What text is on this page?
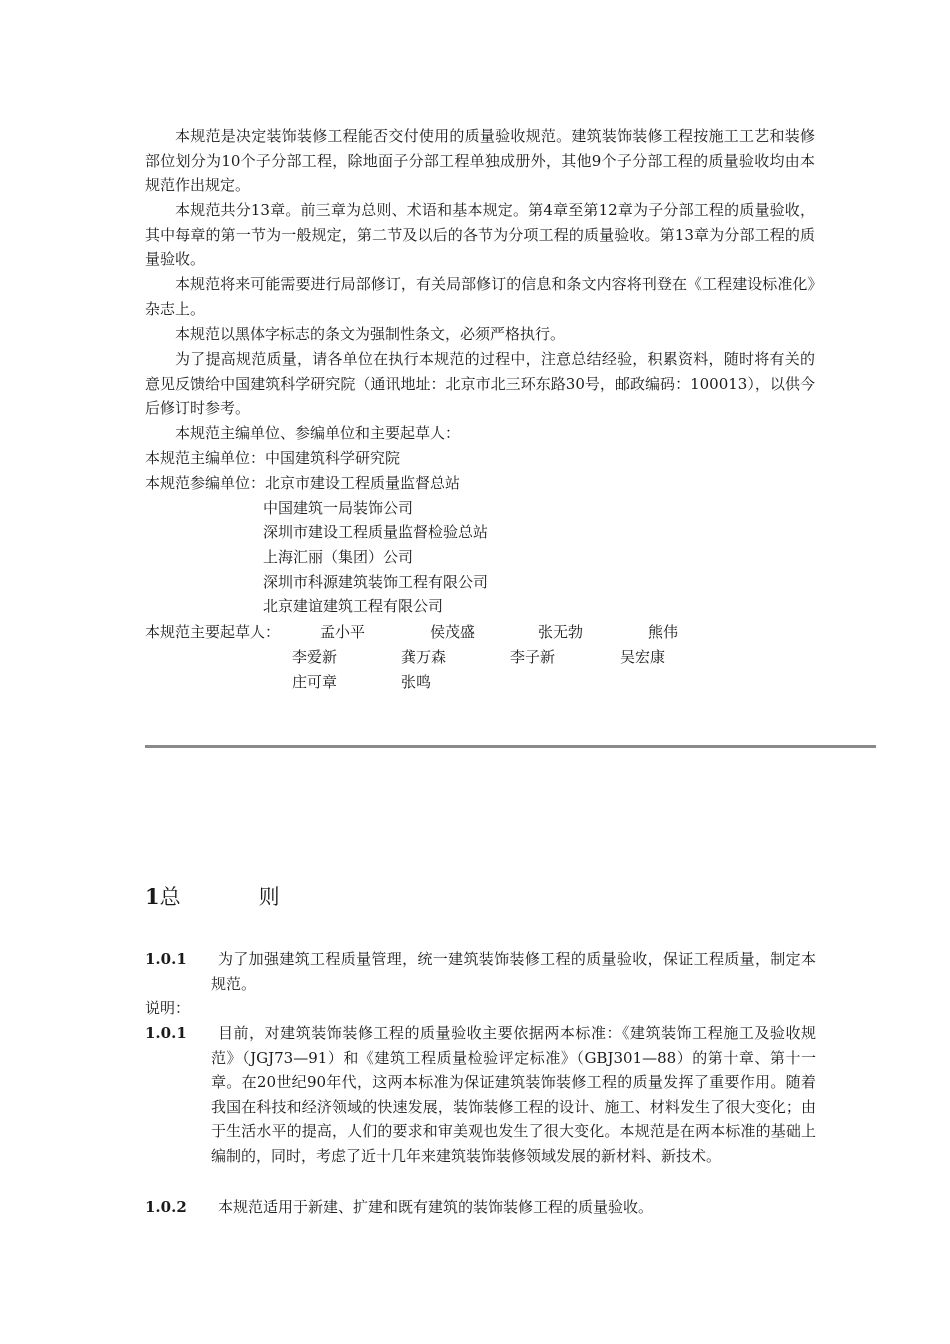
本规范是决定装饰装修工程能否交付使用的质量验收规范。建筑装饰装修工程按施工工艺和装修部位划分为10个子分部工程，除地面子分部工程单独成册外，其他9个子分部工程的质量验收均由本规范作出规定。

本规范共分13章。前三章为总则、术语和基本规定。第4章至第12章为子分部工程的质量验收，其中每章的第一节为一般规定，第二节及以后的各节为分项工程的质量验收。第13章为分部工程的质量验收。

本规范将来可能需要进行局部修订，有关局部修订的信息和条文内容将刊登在《工程建设标准化》杂志上。

本规范以黑体字标志的条文为强制性条文，必须严格执行。

为了提高规范质量，请各单位在执行本规范的过程中，注意总结经验，积累资料，随时将有关的意见反馈给中国建筑科学研究院（通讯地址：北京市北三环东路30号，邮政编码：100013），以供今后修订时参考。

本规范主编单位、参编单位和主要起草人：

本规范主编单位：中国建筑科学研究院
本规范参编单位：北京市建设工程质量监督总站
中国建筑一局装饰公司
深圳市建设工程质量监督检验总站
上海汇丽（集团）公司
深圳市科源建筑装饰工程有限公司
北京建谊建筑工程有限公司
本规范主要起草人：	孟小平	侯茂盛	张无勃	熊伟
李爱新	龚万森	李子新	吴宏康
庄可章	张鸣
1总	则
1.0.1	为了加强建筑工程质量管理，统一建筑装饰装修工程的质量验收，保证工程质量，制定本规范。

说明：
1.0.1	目前，对建筑装饰装修工程的质量验收主要依据两本标准：《建筑装饰工程施工及验收规范》（JGJ73—91）和《建筑工程质量检验评定标准》（GBJ301—88）的第十章、第十一章。在20世纪90年代，这两本标准为保证建筑装饰装修工程的质量发挥了重要作用。随着我国在科技和经济领域的快速发展，装饰装修工程的设计、施工、材料发生了很大变化；由于生活水平的提高，人们的要求和审美观也发生了很大变化。本规范是在两本标准的基础上编制的，同时，考虑了近十几年来建筑装饰装修领域发展的新材料、新技术。

1.0.2	本规范适用于新建、扩建和既有建筑的装饰装修工程的质量验收。
